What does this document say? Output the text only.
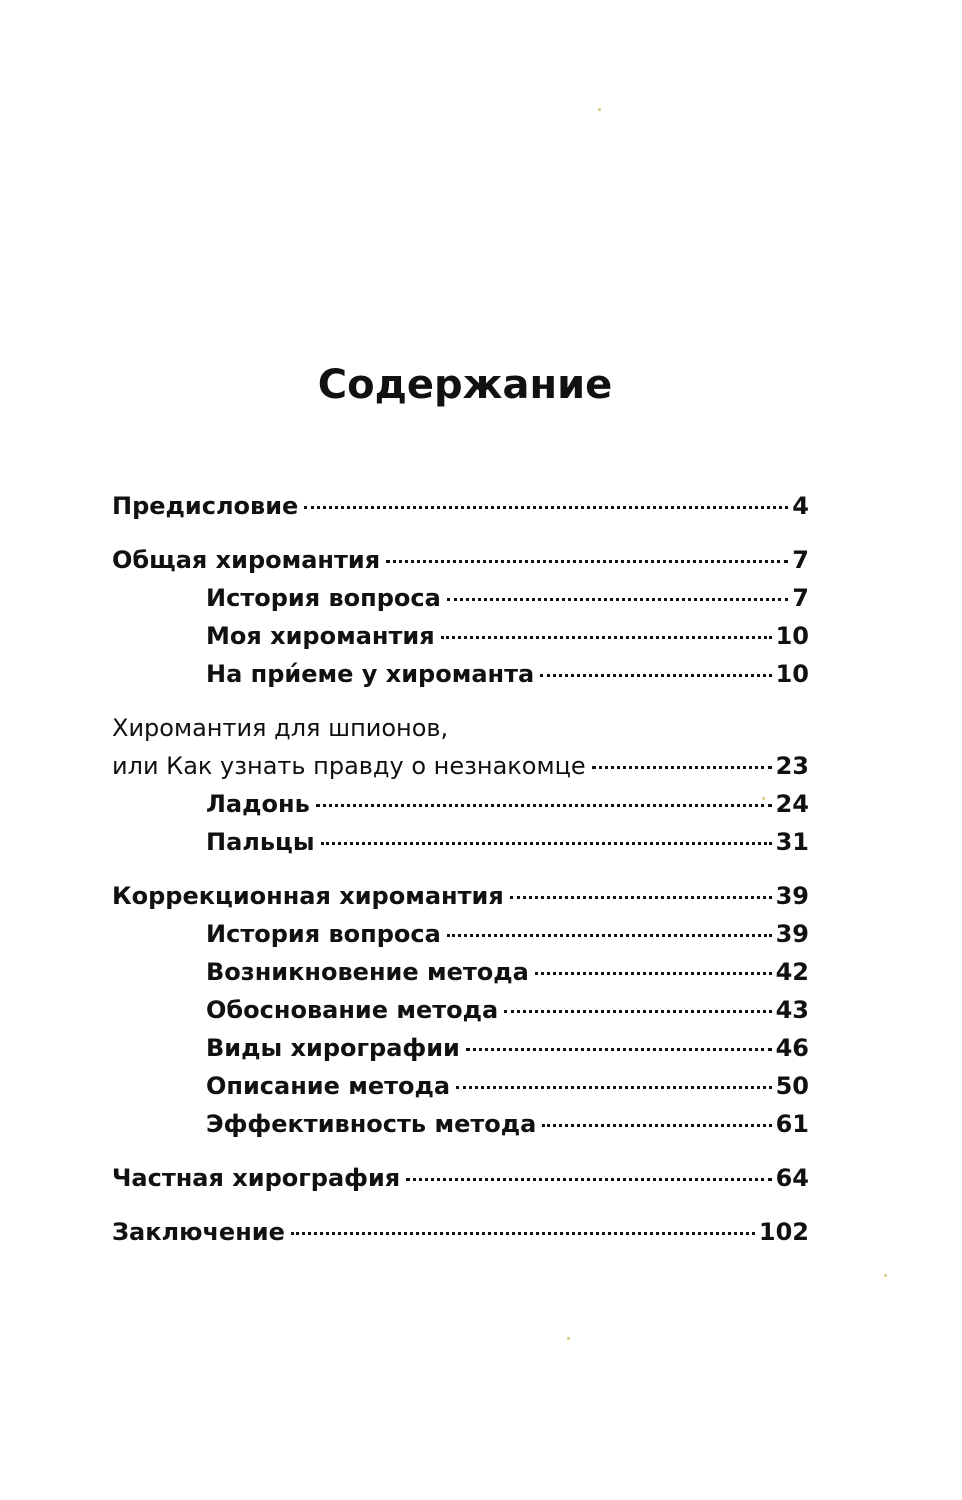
Содержание
Предисловие	4
Общая хиромантия	7
История вопроса	7
Моя хиромантия	10
На при́еме у хироманта	10
Хиромантия для шпионов,
или Как узнать правду о незнакомце	23
Ладонь	24
Пальцы	31
Коррекционная хиромантия	39
История вопроса	39
Возникновение метода	42
Обоснование метода	43
Виды хирографии	46
Описание метода	50
Эффективность метода	61
Частная хирография	64
Заключение	102
